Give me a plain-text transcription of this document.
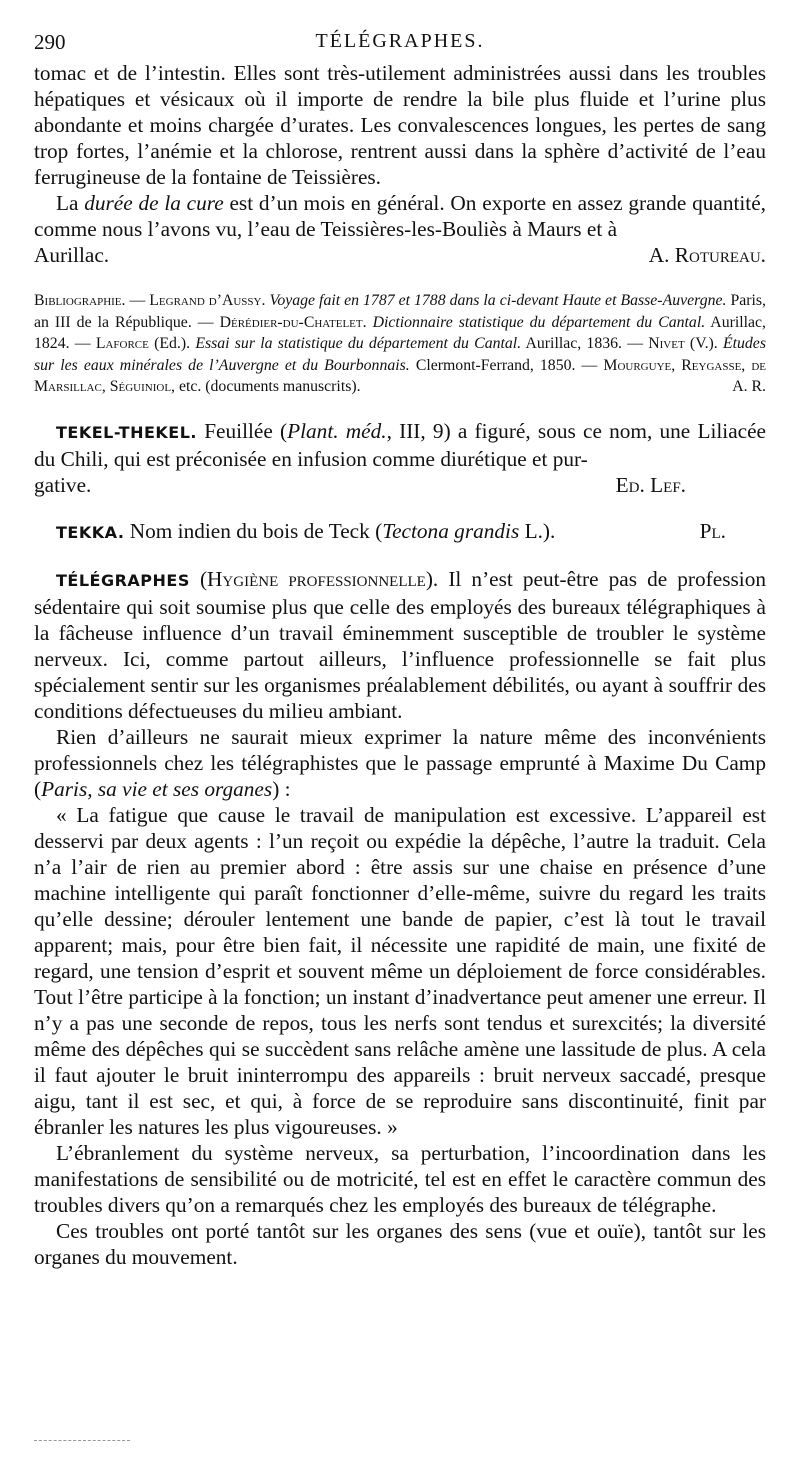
290	TÉLÉGRAPHES.

tomac et de l’intestin. Elles sont très-utilement administrées aussi dans les troubles hépatiques et vésicaux où il importe de rendre la bile plus fluide et l’urine plus abondante et moins chargée d’urates. Les convalescences longues, les pertes de sang trop fortes, l’anémie et la chlorose, rentrent aussi dans la sphère d’activité de l’eau ferrugineuse de la fontaine de Teissières.

La durée de la cure est d’un mois en général. On exporte en assez grande quantité, comme nous l’avons vu, l’eau de Teissières-les-Bouliès à Maurs et à

Aurillac.	A. Rotureau.

Bibliographie. — Legrand d’Aussy. Voyage fait en 1787 et 1788 dans la ci-devant Haute et Basse-Auvergne. Paris, an III de la République. — Dérédier-du-Chatelet. Dictionnaire statistique du département du Cantal. Aurillac, 1824. — Laforce (Ed.). Essai sur la statistique du département du Cantal. Aurillac, 1836. — Nivet (V.). Études sur les eaux minérales de l’Auvergne et du Bourbonnais. Clermont-Ferrand, 1850. — Mourguye, Reygasse, de Marsillac, Séguiniol, etc. (documents manuscrits).	A. R.

TEKEL-THEKEL. Feuillée (Plant. méd., III, 9) a figuré, sous ce nom, une Liliacée du Chili, qui est préconisée en infusion comme diurétique et pur-

gative.	Ed. Lef.

TEKKA. Nom indien du bois de Teck (Tectona grandis L.).	Pl.

TÉLÉGRAPHES (Hygiène professionnelle). Il n’est peut-être pas de profession sédentaire qui soit soumise plus que celle des employés des bureaux télégraphiques à la fâcheuse influence d’un travail éminemment susceptible de troubler le système nerveux. Ici, comme partout ailleurs, l’influence professionnelle se fait plus spécialement sentir sur les organismes préalablement débilités, ou ayant à souffrir des conditions défectueuses du milieu ambiant.

Rien d’ailleurs ne saurait mieux exprimer la nature même des inconvénients professionnels chez les télégraphistes que le passage emprunté à Maxime Du Camp (Paris, sa vie et ses organes) :

« La fatigue que cause le travail de manipulation est excessive. L’appareil est desservi par deux agents : l’un reçoit ou expédie la dépêche, l’autre la traduit. Cela n’a l’air de rien au premier abord : être assis sur une chaise en présence d’une machine intelligente qui paraît fonctionner d’elle-même, suivre du regard les traits qu’elle dessine; dérouler lentement une bande de papier, c’est là tout le travail apparent; mais, pour être bien fait, il nécessite une rapidité de main, une fixité de regard, une tension d’esprit et souvent même un déploiement de force considérables. Tout l’être participe à la fonction; un instant d’inadvertance peut amener une erreur. Il n’y a pas une seconde de repos, tous les nerfs sont tendus et surexcités; la diversité même des dépêches qui se succèdent sans relâche amène une lassitude de plus. A cela il faut ajouter le bruit ininterrompu des appareils : bruit nerveux saccadé, presque aigu, tant il est sec, et qui, à force de se reproduire sans discontinuité, finit par ébranler les natures les plus vigoureuses. »

L’ébranlement du système nerveux, sa perturbation, l’incoordination dans les manifestations de sensibilité ou de motricité, tel est en effet le caractère commun des troubles divers qu’on a remarqués chez les employés des bureaux de télégraphe.

Ces troubles ont porté tantôt sur les organes des sens (vue et ouïe), tantôt sur les organes du mouvement.
